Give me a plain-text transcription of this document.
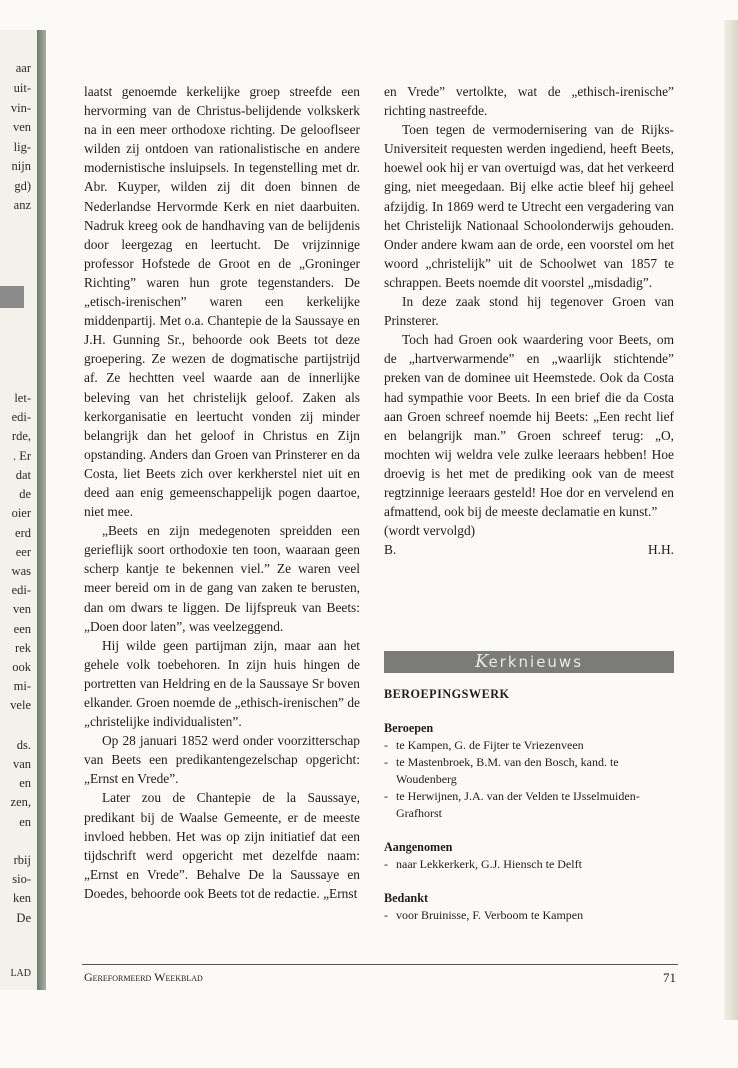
aar
uit-
vin-
ven
lig-
nijn
gd)
anz
let-
edi-
rde,
. Er
dat
de
oier
erd
eer
was
edi-
ven
een
rek
ook
mi-
vele
ds.
van
en
zen,
en
rbij
sio-
ken
De
LAD

laatst genoemde kerkelijke groep streefde een hervorming van de Christus-belijdende volkskerk na in een meer orthodoxe richting. De gelooflseer wilden zij ontdoen van rationalistische en andere modernistische insluipsels. In tegenstelling met dr. Abr. Kuyper, wilden zij dit doen binnen de Nederlandse Hervormde Kerk en niet daarbuiten. Nadruk kreeg ook de handhaving van de belijdenis door leergezag en leertucht. De vrijzinnige professor Hofstede de Groot en de „Groninger Richting” waren hun grote tegenstanders. De „etisch-irenischen” waren een kerkelijke middenpartij. Met o.a. Chantepie de la Saussaye en J.H. Gunning Sr., behoorde ook Beets tot deze groepering. Ze wezen de dogmatische partijstrijd af. Ze hechtten veel waarde aan de innerlijke beleving van het christelijk geloof. Zaken als kerkorganisatie en leertucht vonden zij minder belangrijk dan het geloof in Christus en Zijn opstanding. Anders dan Groen van Prinsterer en da Costa, liet Beets zich over kerkherstel niet uit en deed aan enig gemeenschappelijk pogen daartoe, niet mee.

„Beets en zijn medegenoten spreidden een gerieflijk soort orthodoxie ten toon, waaraan geen scherp kantje te bekennen viel.” Ze waren veel meer bereid om in de gang van zaken te berusten, dan om dwars te liggen. De lijfspreuk van Beets: „Doen door laten”, was veelzeggend.

Hij wilde geen partijman zijn, maar aan het gehele volk toebehoren. In zijn huis hingen de portretten van Heldring en de la Saussaye Sr boven elkander. Groen noemde de „ethisch-irenischen” de „christelijke individualisten”.

Op 28 januari 1852 werd onder voorzitterschap van Beets een predikantengezelschap opgericht: „Ernst en Vrede”.

Later zou de Chantepie de la Saussaye, predikant bij de Waalse Gemeente, er de meeste invloed hebben. Het was op zijn initiatief dat een tijdschrift werd opgericht met dezelfde naam: „Ernst en Vrede”. Behalve De la Saussaye en Doedes, behoorde ook Beets tot de redactie. „Ernst

en Vrede” vertolkte, wat de „ethisch-irenische” richting nastreefde.

Toen tegen de vermodernisering van de Rijks-Universiteit requesten werden ingediend, heeft Beets, hoewel ook hij er van overtuigd was, dat het verkeerd ging, niet meegedaan. Bij elke actie bleef hij geheel afzijdig. In 1869 werd te Utrecht een vergadering van het Christelijk Nationaal Schoolonderwijs gehouden. Onder andere kwam aan de orde, een voorstel om het woord „christelijk” uit de Schoolwet van 1857 te schrappen. Beets noemde dit voorstel „misdadig”.

In deze zaak stond hij tegenover Groen van Prinsterer.

Toch had Groen ook waardering voor Beets, om de „hartverwarmende” en „waarlijk stichtende” preken van de dominee uit Heemstede. Ook da Costa had sympathie voor Beets. In een brief die da Costa aan Groen schreef noemde hij Beets: „Een recht lief en belangrijk man.” Groen schreef terug: „O, mochten wij weldra vele zulke leeraars hebben! Hoe droevig is het met de prediking ook van de meest regtzinnige leeraars gesteld! Hoe dor en vervelend en afmattend, ook bij de meeste declamatie en kunst.”

(wordt vervolgd)

B.	H.H.
Kerknieuws
BEROEPINGSWERK
Beroepen
- te Kampen, G. de Fijter te Vriezenveen
- te Mastenbroek, B.M. van den Bosch, kand. te Woudenberg
- te Herwijnen, J.A. van der Velden te IJsselmuiden-Grafhorst
Aangenomen
- naar Lekkerkerk, G.J. Hiensch te Delft
Bedankt
- voor Bruinisse, F. Verboom te Kampen
Gereformeerd Weekblad	71
